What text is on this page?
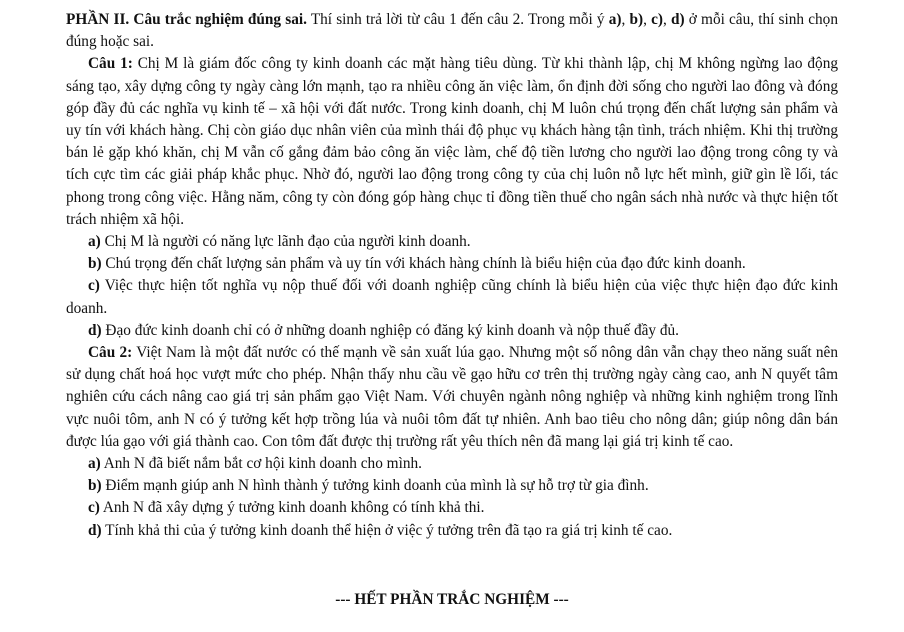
PHẦN II. Câu trắc nghiệm đúng sai. Thí sinh trả lời từ câu 1 đến câu 2. Trong mỗi ý a), b), c), d) ở mỗi câu, thí sinh chọn đúng hoặc sai.

Câu 1: Chị M là giám đốc công ty kinh doanh các mặt hàng tiêu dùng. Từ khi thành lập, chị M không ngừng lao động sáng tạo, xây dựng công ty ngày càng lớn mạnh, tạo ra nhiều công ăn việc làm, ổn định đời sống cho người lao đông và đóng góp đầy đủ các nghĩa vụ kinh tế – xã hội với đất nước. Trong kinh doanh, chị M luôn chú trọng đến chất lượng sản phẩm và uy tín với khách hàng. Chị còn giáo dục nhân viên của mình thái độ phục vụ khách hàng tận tình, trách nhiệm. Khi thị trường bán lẻ gặp khó khăn, chị M vẫn cố gắng đảm bảo công ăn việc làm, chế độ tiền lương cho người lao động trong công ty và tích cực tìm các giải pháp khắc phục. Nhờ đó, người lao động trong công ty của chị luôn nỗ lực hết mình, giữ gìn lề lối, tác phong trong công việc. Hằng năm, công ty còn đóng góp hàng chục tỉ đồng tiền thuế cho ngân sách nhà nước và thực hiện tốt trách nhiệm xã hội.

a) Chị M là người có năng lực lãnh đạo của người kinh doanh.

b) Chú trọng đến chất lượng sản phẩm và uy tín với khách hàng chính là biểu hiện của đạo đức kinh doanh.

c) Việc thực hiện tốt nghĩa vụ nộp thuế đối với doanh nghiệp cũng chính là biểu hiện của việc thực hiện đạo đức kinh doanh.

d) Đạo đức kinh doanh chỉ có ở những doanh nghiệp có đăng ký kinh doanh và nộp thuế đầy đủ.

Câu 2: Việt Nam là một đất nước có thế mạnh về sản xuất lúa gạo. Nhưng một số nông dân vẫn chạy theo năng suất nên sử dụng chất hoá học vượt mức cho phép. Nhận thấy nhu cầu về gạo hữu cơ trên thị trường ngày càng cao, anh N quyết tâm nghiên cứu cách nâng cao giá trị sản phẩm gạo Việt Nam. Với chuyên ngành nông nghiệp và những kinh nghiệm trong lĩnh vực nuôi tôm, anh N có ý tưởng kết hợp trồng lúa và nuôi tôm đất tự nhiên. Anh bao tiêu cho nông dân; giúp nông dân bán được lúa gạo với giá thành cao. Con tôm đất được thị trường rất yêu thích nên đã mang lại giá trị kinh tế cao.

a) Anh N đã biết nắm bắt cơ hội kinh doanh cho mình.

b) Điểm mạnh giúp anh N hình thành ý tưởng kinh doanh của mình là sự hỗ trợ từ gia đình.

c) Anh N đã xây dựng ý tưởng kinh doanh không có tính khả thi.

d) Tính khả thi của ý tưởng kinh doanh thể hiện ở việc ý tưởng trên đã tạo ra giá trị kinh tế cao.

--- HẾT PHẦN TRẮC NGHIỆM ---
